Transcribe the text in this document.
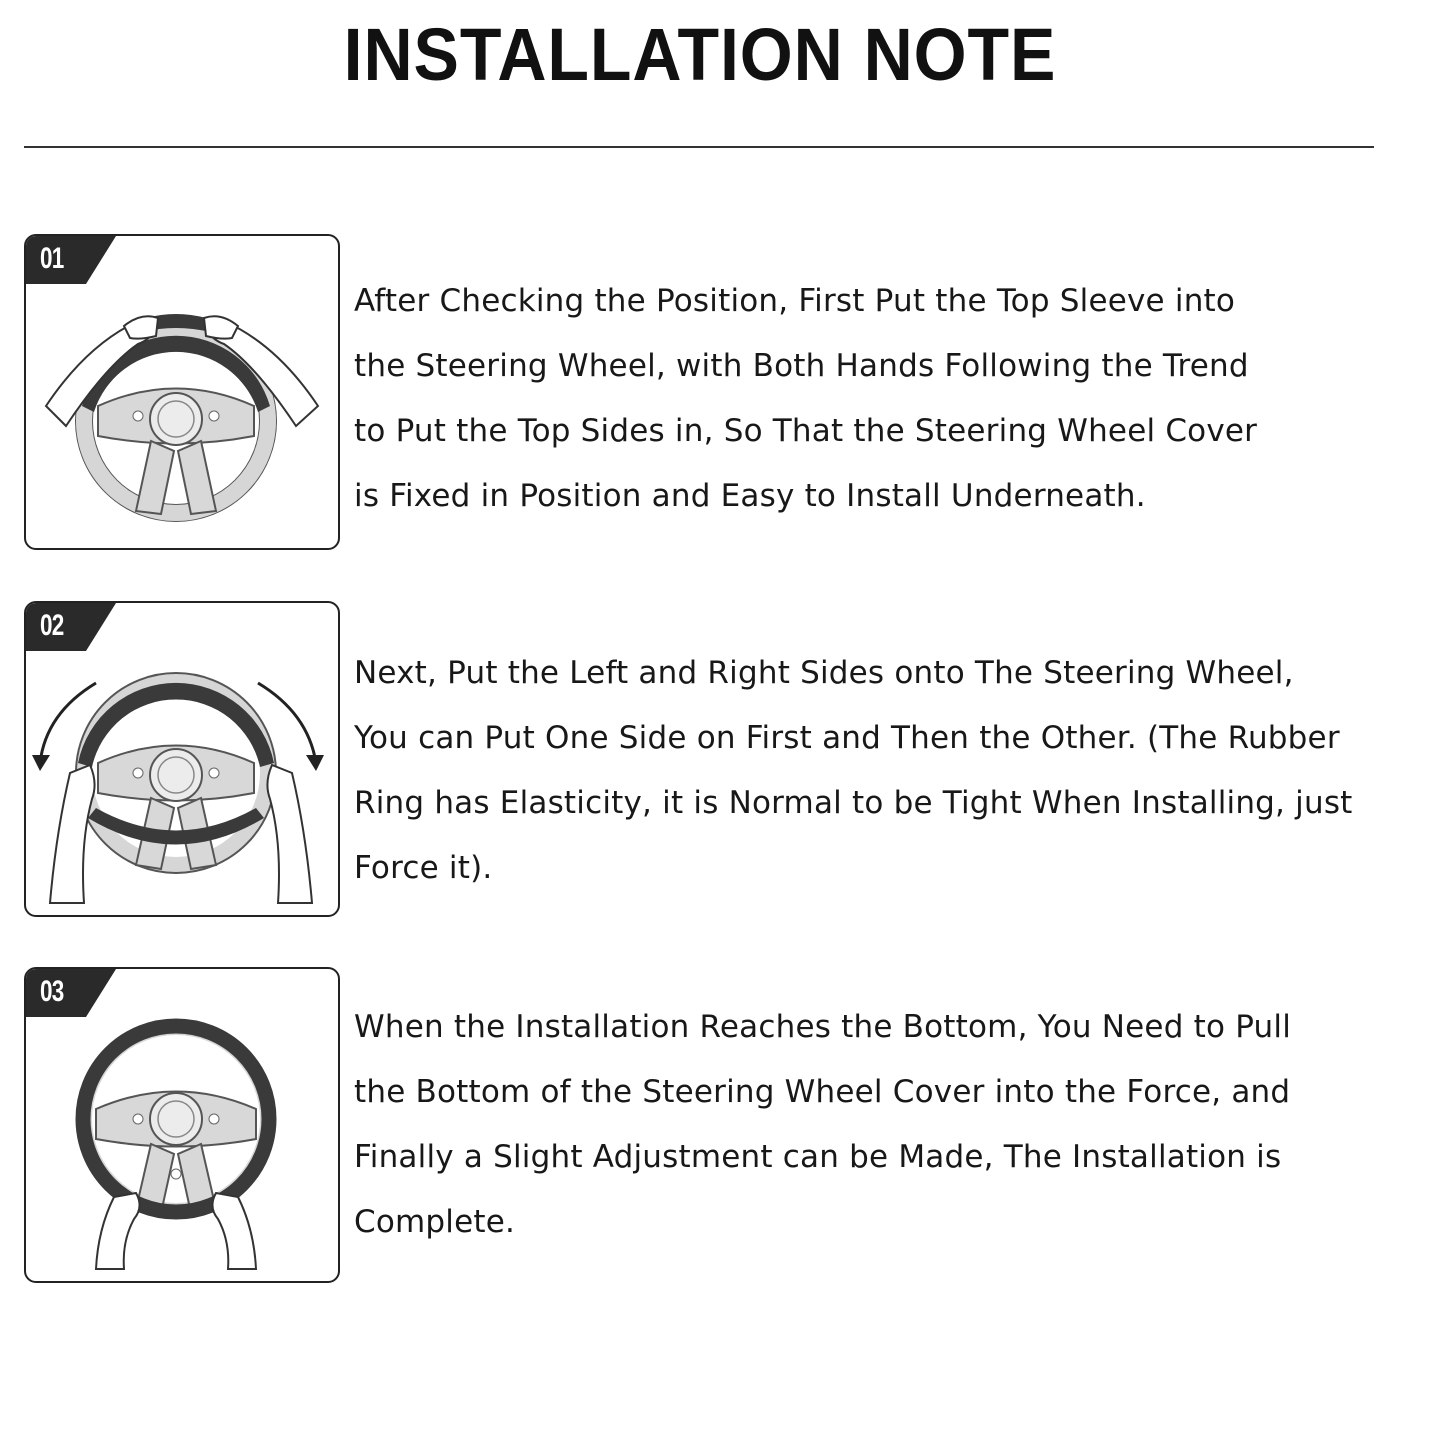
INSTALLATION NOTE
01

After Checking the Position, First Put the Top Sleeve into
the Steering Wheel, with Both Hands Following the Trend
to Put the Top Sides in, So That the Steering Wheel Cover
is Fixed in Position and Easy to Install Underneath.

02

Next, Put the Left and Right Sides onto The Steering Wheel,
You can Put One Side on First and Then the Other. (The Rubber
Ring has Elasticity, it is Normal to be Tight When Installing, just
Force it).

03

When the Installation Reaches the Bottom, You Need to Pull
the Bottom of the Steering Wheel Cover into the Force, and
Finally a Slight Adjustment can be Made, The Installation is
Complete.
